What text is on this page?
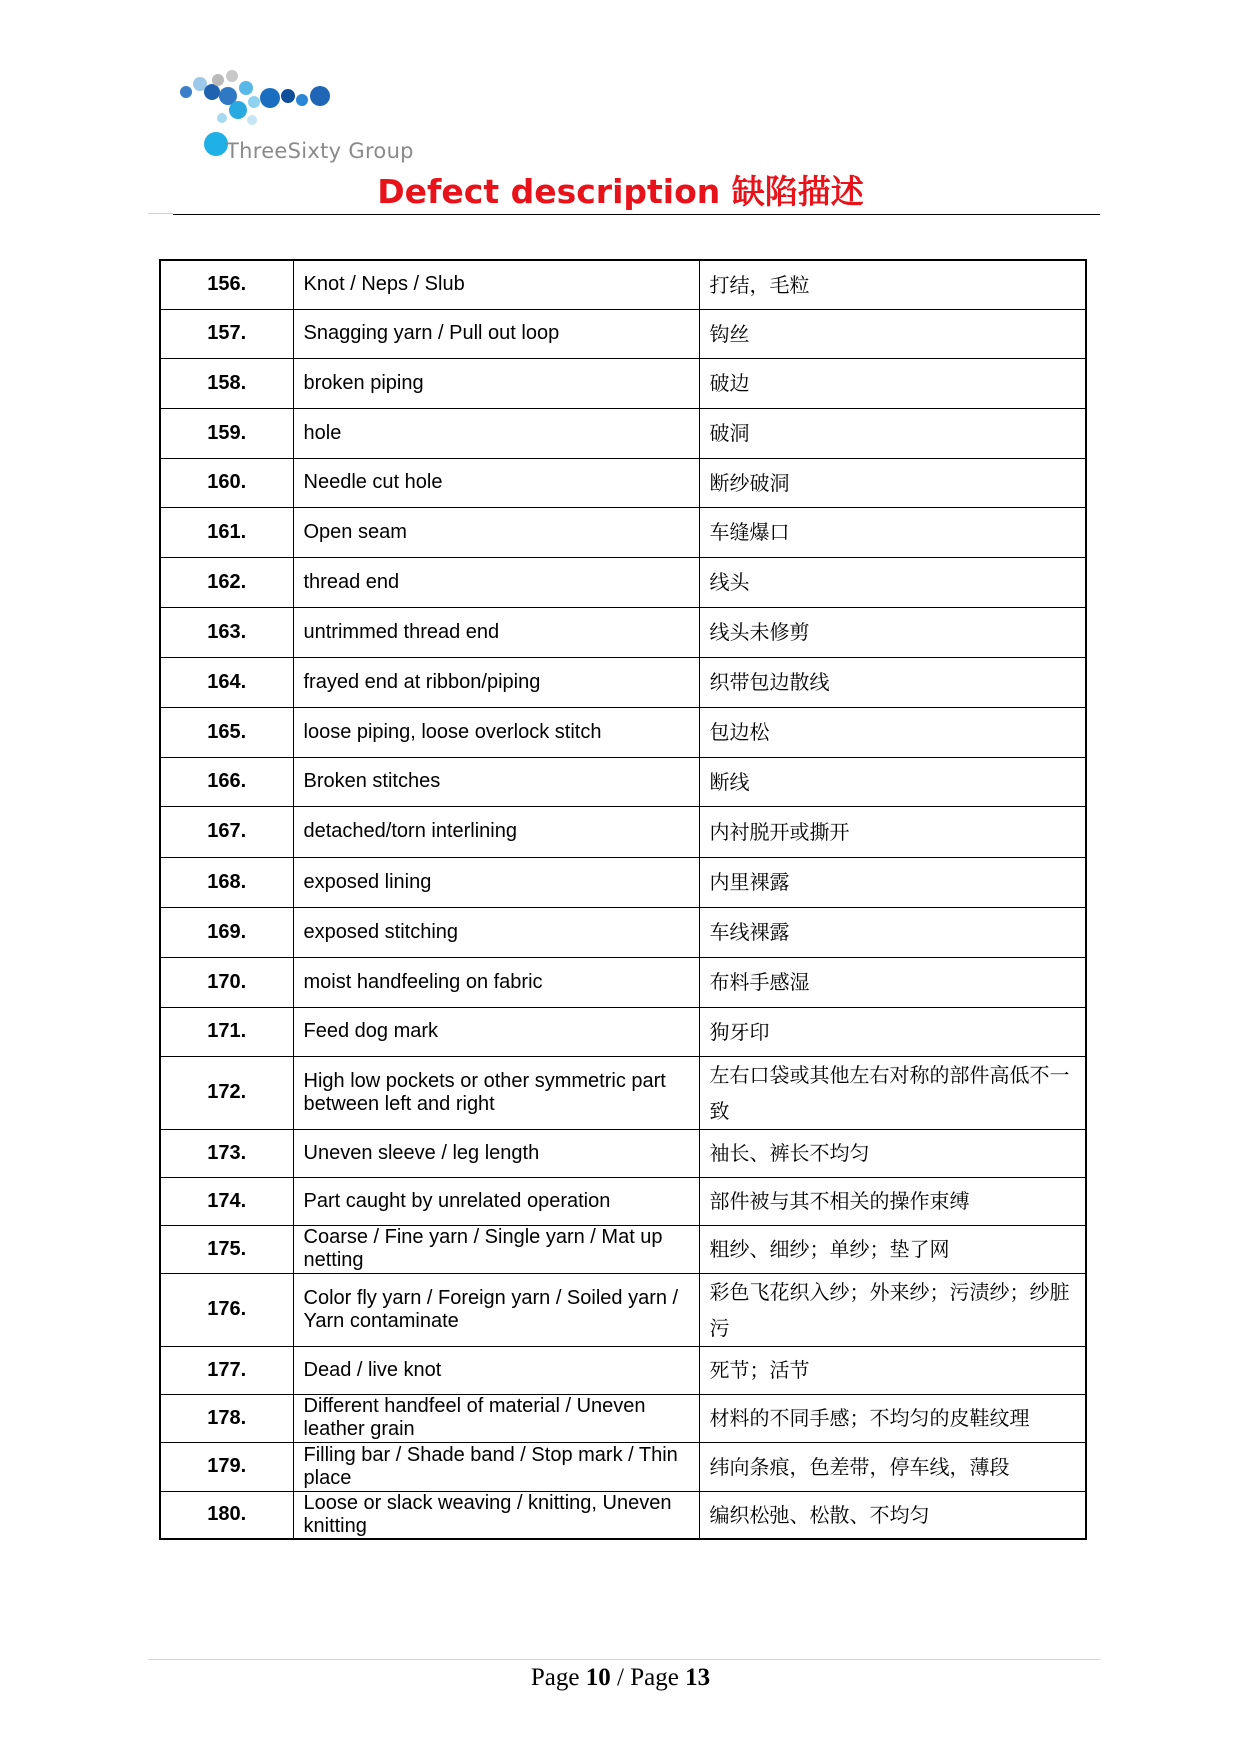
ThreeSixty Group
Defect description 缺陷描述
156.	Knot / Neps / Slub	打结，毛粒
157.	Snagging yarn / Pull out loop	钩丝
158.	broken piping	破边
159.	hole	破洞
160.	Needle cut hole	断纱破洞
161.	Open seam	车缝爆口
162.	thread end	线头
163.	untrimmed thread end	线头未修剪
164.	frayed end at ribbon/piping	织带包边散线
165.	loose piping, loose overlock stitch	包边松
166.	Broken stitches	断线
167.	detached/torn interlining	内衬脱开或撕开
168.	exposed lining	内里裸露
169.	exposed stitching	车线裸露
170.	moist handfeeling on fabric	布料手感湿
171.	Feed dog mark	狗牙印
172.	High low pockets or other symmetric part between left and right	左右口袋或其他左右对称的部件高低不一致
173.	Uneven sleeve / leg length	袖长、裤长不均匀
174.	Part caught by unrelated operation	部件被与其不相关的操作束缚
175.	Coarse / Fine yarn / Single yarn / Mat up netting	粗纱、细纱；单纱；垫了网
176.	Color fly yarn / Foreign yarn / Soiled yarn / Yarn contaminate	彩色飞花织入纱；外来纱；污渍纱；纱脏污
177.	Dead / live knot	死节；活节
178.	Different handfeel of material / Uneven leather grain	材料的不同手感；不均匀的皮鞋纹理
179.	Filling bar / Shade band / Stop mark / Thin place	纬向条痕，色差带，停车线，薄段
180.	Loose or slack weaving / knitting, Uneven knitting	编织松弛、松散、不均匀
Page 10 / Page 13
